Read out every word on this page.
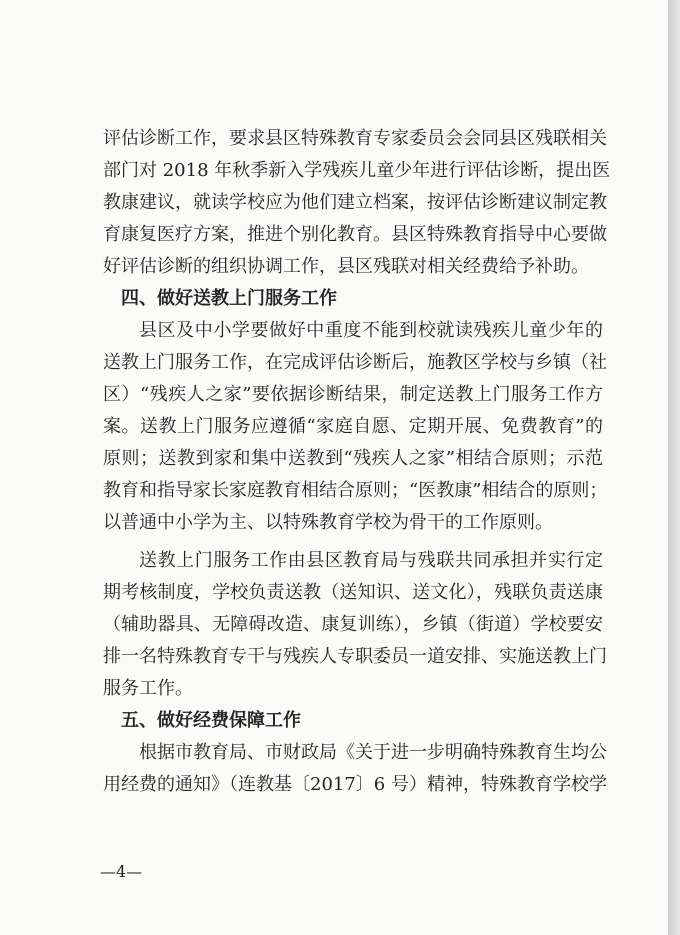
评估诊断工作，要求县区特殊教育专家委员会会同县区残联相关
部门对 2018 年秋季新入学残疾儿童少年进行评估诊断，提出医
教康建议，就读学校应为他们建立档案，按评估诊断建议制定教
育康复医疗方案，推进个别化教育。县区特殊教育指导中心要做
好评估诊断的组织协调工作，县区残联对相关经费给予补助。
四、做好送教上门服务工作
县区及中小学要做好中重度不能到校就读残疾儿童少年的
送教上门服务工作，在完成评估诊断后，施教区学校与乡镇（社
区）“残疾人之家”要依据诊断结果，制定送教上门服务工作方
案。送教上门服务应遵循“家庭自愿、定期开展、免费教育”的
原则；送教到家和集中送教到“残疾人之家”相结合原则；示范
教育和指导家长家庭教育相结合原则；“医教康”相结合的原则；
以普通中小学为主、以特殊教育学校为骨干的工作原则。
送教上门服务工作由县区教育局与残联共同承担并实行定
期考核制度，学校负责送教（送知识、送文化），残联负责送康
（辅助器具、无障碍改造、康复训练），乡镇（街道）学校要安
排一名特殊教育专干与残疾人专职委员一道安排、实施送教上门
服务工作。
五、做好经费保障工作
根据市教育局、市财政局《关于进一步明确特殊教育生均公
用经费的通知》（连教基〔2017〕6 号）精神，特殊教育学校学
—4—
